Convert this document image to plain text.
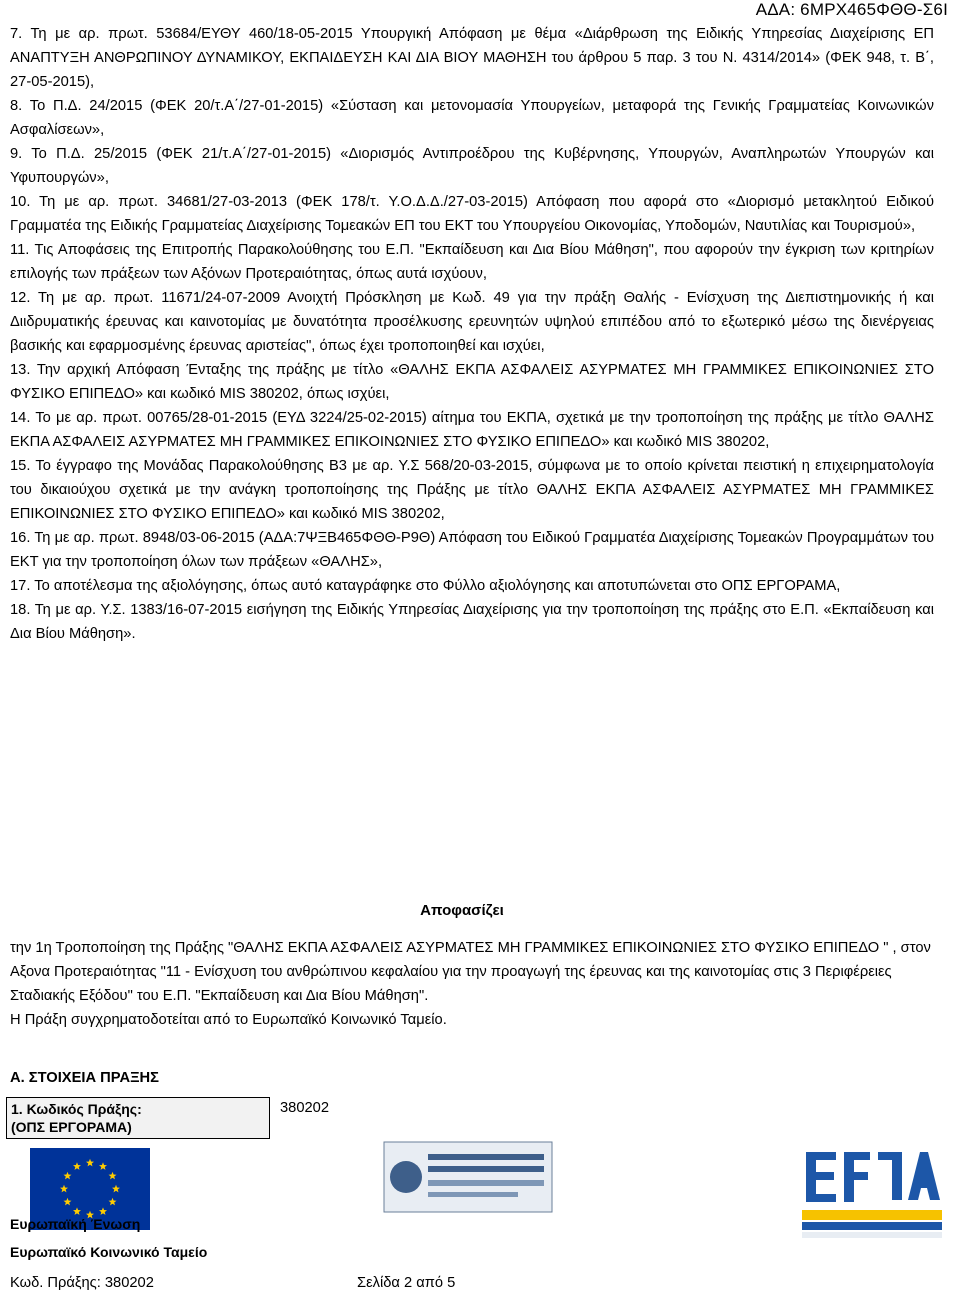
ΑΔΑ: 6ΜΡΧ465ΦΘΘ-Σ6Ι

7. Τη με αρ. πρωτ. 53684/ΕΥΘΥ 460/18-05-2015 Υπουργική Απόφαση με θέμα «Διάρθρωση της Ειδικής Υπηρεσίας Διαχείρισης ΕΠ ΑΝΑΠΤΥΞΗ ΑΝΘΡΩΠΙΝΟΥ ΔΥΝΑΜΙΚΟΥ, ΕΚΠΑΙΔΕΥΣΗ ΚΑΙ ΔΙΑ ΒΙΟΥ ΜΑΘΗΣΗ του άρθρου 5 παρ. 3 του Ν. 4314/2014» (ΦΕΚ 948, τ. Β΄, 27-05-2015),

8. Το Π.Δ. 24/2015 (ΦΕΚ 20/τ.Α΄/27-01-2015) «Σύσταση και μετονομασία Υπουργείων, μεταφορά της Γενικής Γραμματείας Κοινωνικών Ασφαλίσεων»,

9. Το Π.Δ. 25/2015 (ΦΕΚ 21/τ.Α΄/27-01-2015) «Διορισμός Αντιπροέδρου της Κυβέρνησης, Υπουργών, Αναπληρωτών Υπουργών και Υφυπουργών»,

10. Τη με αρ. πρωτ. 34681/27-03-2013 (ΦΕΚ 178/τ. Υ.Ο.Δ.Δ./27-03-2015) Απόφαση που αφορά στο «Διορισμό μετακλητού Ειδικού Γραμματέα της Ειδικής Γραμματείας Διαχείρισης Τομεακών ΕΠ του ΕΚΤ του Υπουργείου Οικονομίας, Υποδομών, Ναυτιλίας και Τουρισμού»,

11. Τις Αποφάσεις της Επιτροπής Παρακολούθησης του Ε.Π. "Εκπαίδευση και Δια Βίου Μάθηση", που αφορούν την έγκριση των κριτηρίων επιλογής των πράξεων των Αξόνων Προτεραιότητας, όπως αυτά ισχύουν,

12. Τη με αρ. πρωτ. 11671/24-07-2009 Ανοιχτή Πρόσκληση με Κωδ. 49 για την πράξη Θαλής - Ενίσχυση της Διεπιστημονικής ή και Διιδρυματικής έρευνας και καινοτομίας με δυνατότητα προσέλκυσης ερευνητών υψηλού επιπέδου από το εξωτερικό μέσω της διενέργειας βασικής και εφαρμοσμένης έρευνας αριστείας", όπως έχει τροποποιηθεί και ισχύει,

13. Την αρχική Απόφαση Ένταξης της πράξης με τίτλο «ΘΑΛΗΣ ΕΚΠΑ ΑΣΦΑΛΕΙΣ ΑΣΥΡΜΑΤΕΣ ΜΗ ΓΡΑΜΜΙΚΕΣ ΕΠΙΚΟΙΝΩΝΙΕΣ ΣΤΟ ΦΥΣΙΚΟ ΕΠΙΠΕΔΟ» και κωδικό MIS 380202, όπως ισχύει,

14. Το με αρ. πρωτ. 00765/28-01-2015 (ΕΥΔ 3224/25-02-2015) αίτημα του ΕΚΠΑ, σχετικά με την τροποποίηση της πράξης με τίτλο ΘΑΛΗΣ ΕΚΠΑ ΑΣΦΑΛΕΙΣ ΑΣΥΡΜΑΤΕΣ ΜΗ ΓΡΑΜΜΙΚΕΣ ΕΠΙΚΟΙΝΩΝΙΕΣ ΣΤΟ ΦΥΣΙΚΟ ΕΠΙΠΕΔΟ» και κωδικό MIS 380202,

15. Το έγγραφο της Μονάδας Παρακολούθησης Β3 με αρ. Υ.Σ 568/20-03-2015, σύμφωνα με το οποίο κρίνεται πειστική η επιχειρηματολογία του δικαιούχου σχετικά με την ανάγκη τροποποίησης της Πράξης με τίτλο ΘΑΛΗΣ ΕΚΠΑ ΑΣΦΑΛΕΙΣ ΑΣΥΡΜΑΤΕΣ ΜΗ ΓΡΑΜΜΙΚΕΣ ΕΠΙΚΟΙΝΩΝΙΕΣ ΣΤΟ ΦΥΣΙΚΟ ΕΠΙΠΕΔΟ» και κωδικό MIS 380202,

16. Τη με αρ. πρωτ. 8948/03-06-2015 (ΑΔΑ:7ΨΞΒ465ΦΘΘ-Ρ9Θ) Απόφαση του Ειδικού Γραμματέα Διαχείρισης Τομεακών Προγραμμάτων του ΕΚΤ για την τροποποίηση όλων των πράξεων «ΘΑΛΗΣ»,

17. Το αποτέλεσμα της αξιολόγησης, όπως αυτό καταγράφηκε στο Φύλλο αξιολόγησης και αποτυπώνεται στο ΟΠΣ ΕΡΓΟΡΑΜΑ,

18. Τη με αρ. Υ.Σ. 1383/16-07-2015 εισήγηση της Ειδικής Υπηρεσίας Διαχείρισης για την τροποποίηση της πράξης στο Ε.Π. «Εκπαίδευση και Δια Βίου Μάθηση».

Αποφασίζει

την 1η Τροποποίηση της Πράξης "ΘΑΛΗΣ ΕΚΠΑ ΑΣΦΑΛΕΙΣ ΑΣΥΡΜΑΤΕΣ ΜΗ ΓΡΑΜΜΙΚΕΣ ΕΠΙΚΟΙΝΩΝΙΕΣ ΣΤΟ ΦΥΣΙΚΟ ΕΠΙΠΕΔΟ " , στον Αξονα Προτεραιότητας "11 - Ενίσχυση του ανθρώπινου κεφαλαίου για την προαγωγή της έρευνας και της καινοτομίας στις 3 Περιφέρειες Σταδιακής Εξόδου" του Ε.Π. "Εκπαίδευση και Δια Βίου Μάθηση".

Η Πράξη συγχρηματοδοτείται από το Ευρωπαϊκό Κοινωνικό Ταμείο.

Α. ΣΤΟΙΧΕΙΑ ΠΡΑΞΗΣ
1. Κωδικός Πράξης:
(ΟΠΣ ΕΡΓΟΡΑΜΑ)
	380202
Ευρωπαϊκή Ένωση
Ευρωπαϊκό Κοινωνικό Ταμείο
Κωδ. Πράξης: 380202	Σελίδα 2 από 5
